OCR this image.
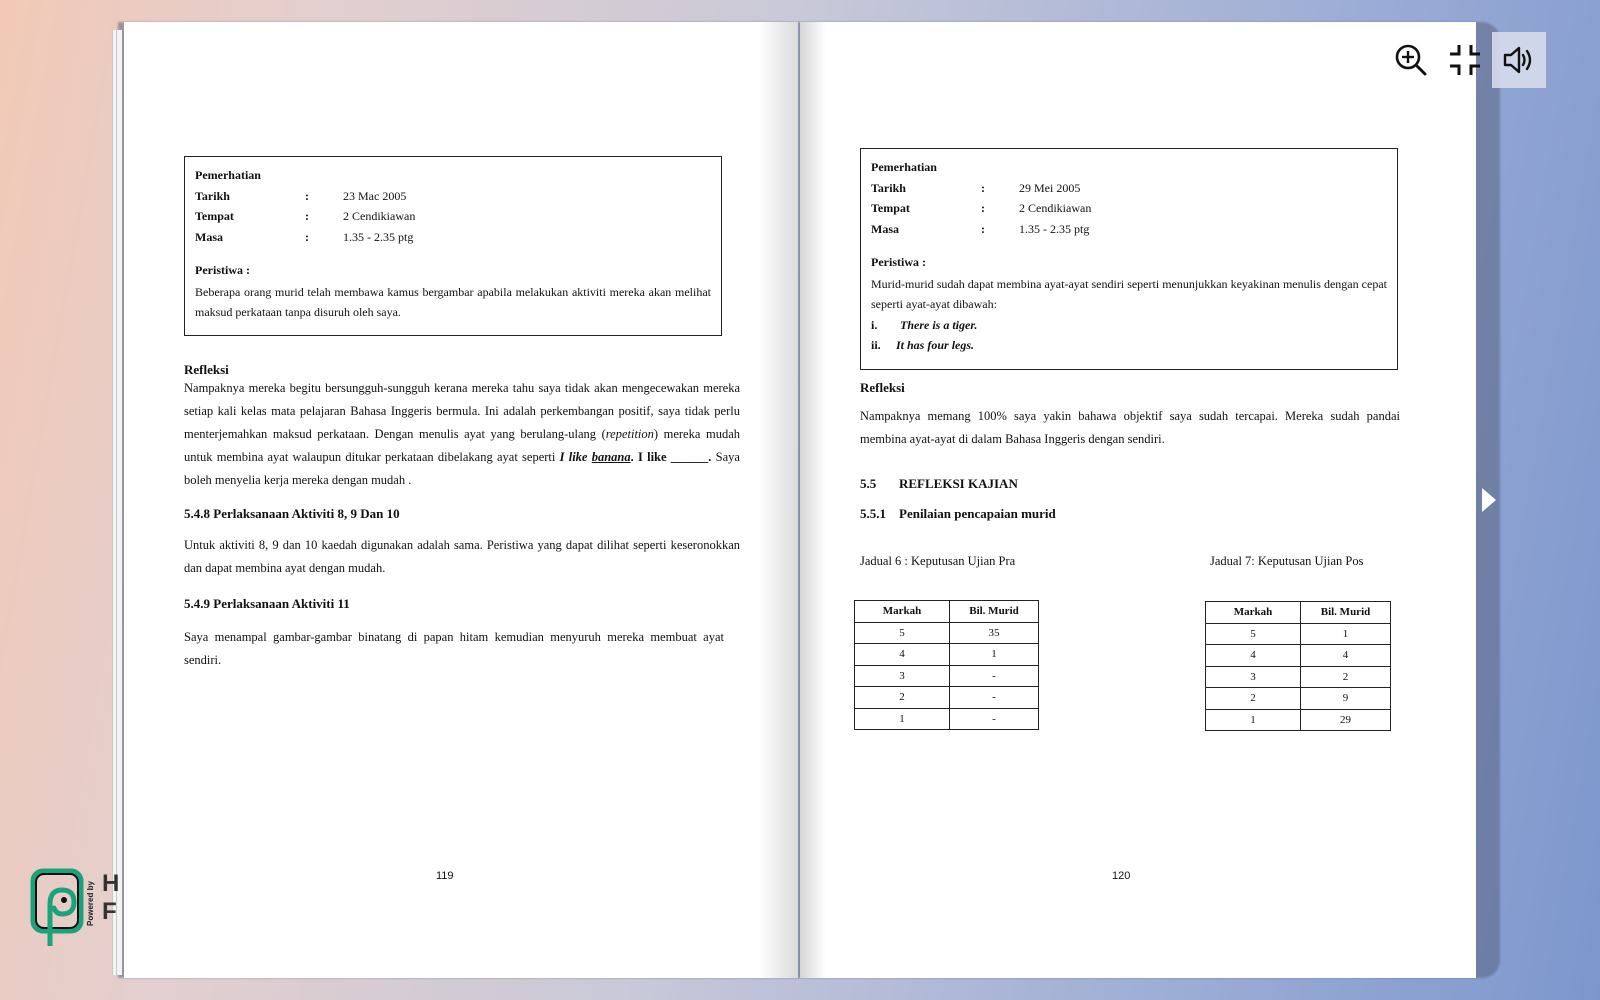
Pemerhatian
Tarikh	:	23 Mac 2005
Tempat	:	2 Cendikiawan
Masa	:	1.35 - 2.35 ptg
Peristiwa :
Beberapa orang murid telah membawa kamus bergambar apabila melakukan aktiviti mereka akan melihat maksud perkataan tanpa disuruh oleh saya.
Refleksi
Nampaknya mereka begitu bersungguh-sungguh kerana mereka tahu saya tidak akan mengecewakan mereka setiap kali kelas mata pelajaran Bahasa Inggeris bermula. Ini adalah perkembangan positif, saya tidak perlu menterjemahkan maksud perkataan. Dengan menulis ayat yang berulang-ulang (repetition) mereka mudah untuk membina ayat walaupun ditukar perkataan dibelakang ayat seperti I like banana. I like ______. Saya boleh menyelia kerja mereka dengan mudah .
5.4.8 Perlaksanaan Aktiviti 8, 9 Dan 10
Untuk aktiviti 8, 9 dan 10 kaedah digunakan adalah sama. Peristiwa yang dapat dilihat seperti keseronokkan dan dapat membina ayat dengan mudah.
5.4.9 Perlaksanaan Aktiviti 11
Saya menampal gambar-gambar binatang di papan hitam kemudian menyuruh mereka membuat ayat sendiri.
119
Pemerhatian
Tarikh	:	29 Mei 2005
Tempat	:	2 Cendikiawan
Masa	:	1.35 - 2.35 ptg
Peristiwa :
Murid-murid sudah dapat membina ayat-ayat sendiri seperti menunjukkan keyakinan menulis dengan cepat seperti ayat-ayat dibawah:
i.	There is a tiger.
ii.	It has four legs.
Refleksi
Nampaknya memang 100% saya yakin bahawa objektif saya sudah tercapai. Mereka sudah pandai membina ayat-ayat di dalam Bahasa Inggeris dengan sendiri.
5.5 REFLEKSI KAJIAN
5.5.1 Penilaian pencapaian murid
Jadual 6 : Keputusan Ujian Pra	Jadual 7: Keputusan Ujian Pos
Markah	Bil. Murid
5	35
4	1
3	-
2	-
1	-
Markah	Bil. Murid
5	1
4	4
3	2
2	9
1	29
120
Powered by H
F
